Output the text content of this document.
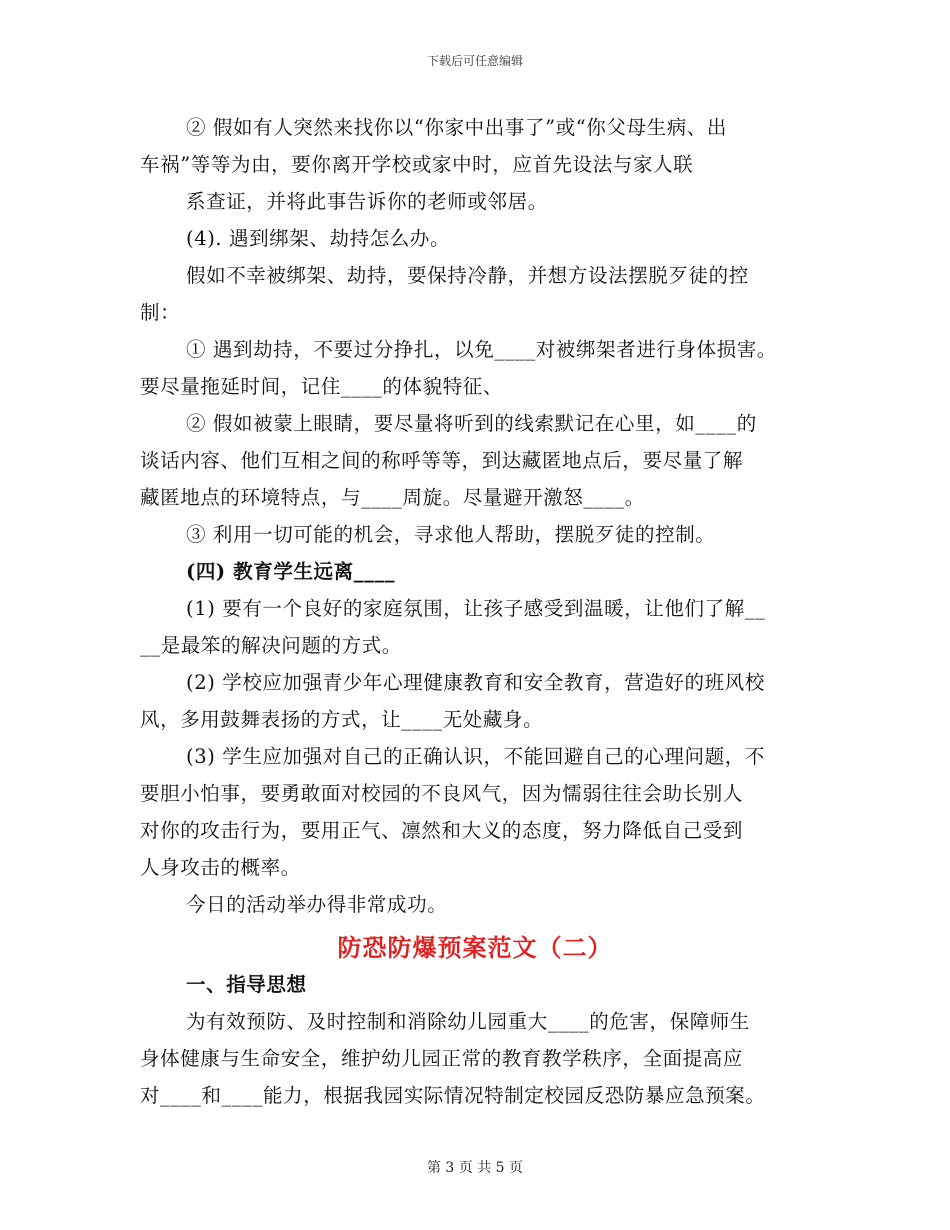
下载后可任意编辑
② 假如有人突然来找你以“你家中出事了”或“你父母生病、出
车祸”等等为由，要你离开学校或家中时，应首先设法与家人联
系查证，并将此事告诉你的老师或邻居。
(4). 遇到绑架、劫持怎么办。
假如不幸被绑架、劫持，要保持冷静，并想方设法摆脱歹徒的控
制：
① 遇到劫持，不要过分挣扎，以免____对被绑架者进行身体损害。
要尽量拖延时间，记住____的体貌特征、
② 假如被蒙上眼睛，要尽量将听到的线索默记在心里，如____的
谈话内容、他们互相之间的称呼等等，到达藏匿地点后，要尽量了解
藏匿地点的环境特点，与____周旋。尽量避开激怒____。
③ 利用一切可能的机会，寻求他人帮助，摆脱歹徒的控制。
(四) 教育学生远离____
(1) 要有一个良好的家庭氛围，让孩子感受到温暖，让他们了解__
__是最笨的解决问题的方式。
(2) 学校应加强青少年心理健康教育和安全教育，营造好的班风校
风，多用鼓舞表扬的方式，让____无处藏身。
(3) 学生应加强对自己的正确认识，不能回避自己的心理问题，不
要胆小怕事，要勇敢面对校园的不良风气，因为懦弱往往会助长别人
对你的攻击行为，要用正气、凛然和大义的态度，努力降低自己受到
人身攻击的概率。
今日的活动举办得非常成功。
防恐防爆预案范文（二）
一、指导思想
为有效预防、及时控制和消除幼儿园重大____的危害，保障师生
身体健康与生命安全，维护幼儿园正常的教育教学秩序，全面提高应
对____和____能力，根据我园实际情况特制定校园反恐防暴应急预案。
第 3 页 共 5 页
